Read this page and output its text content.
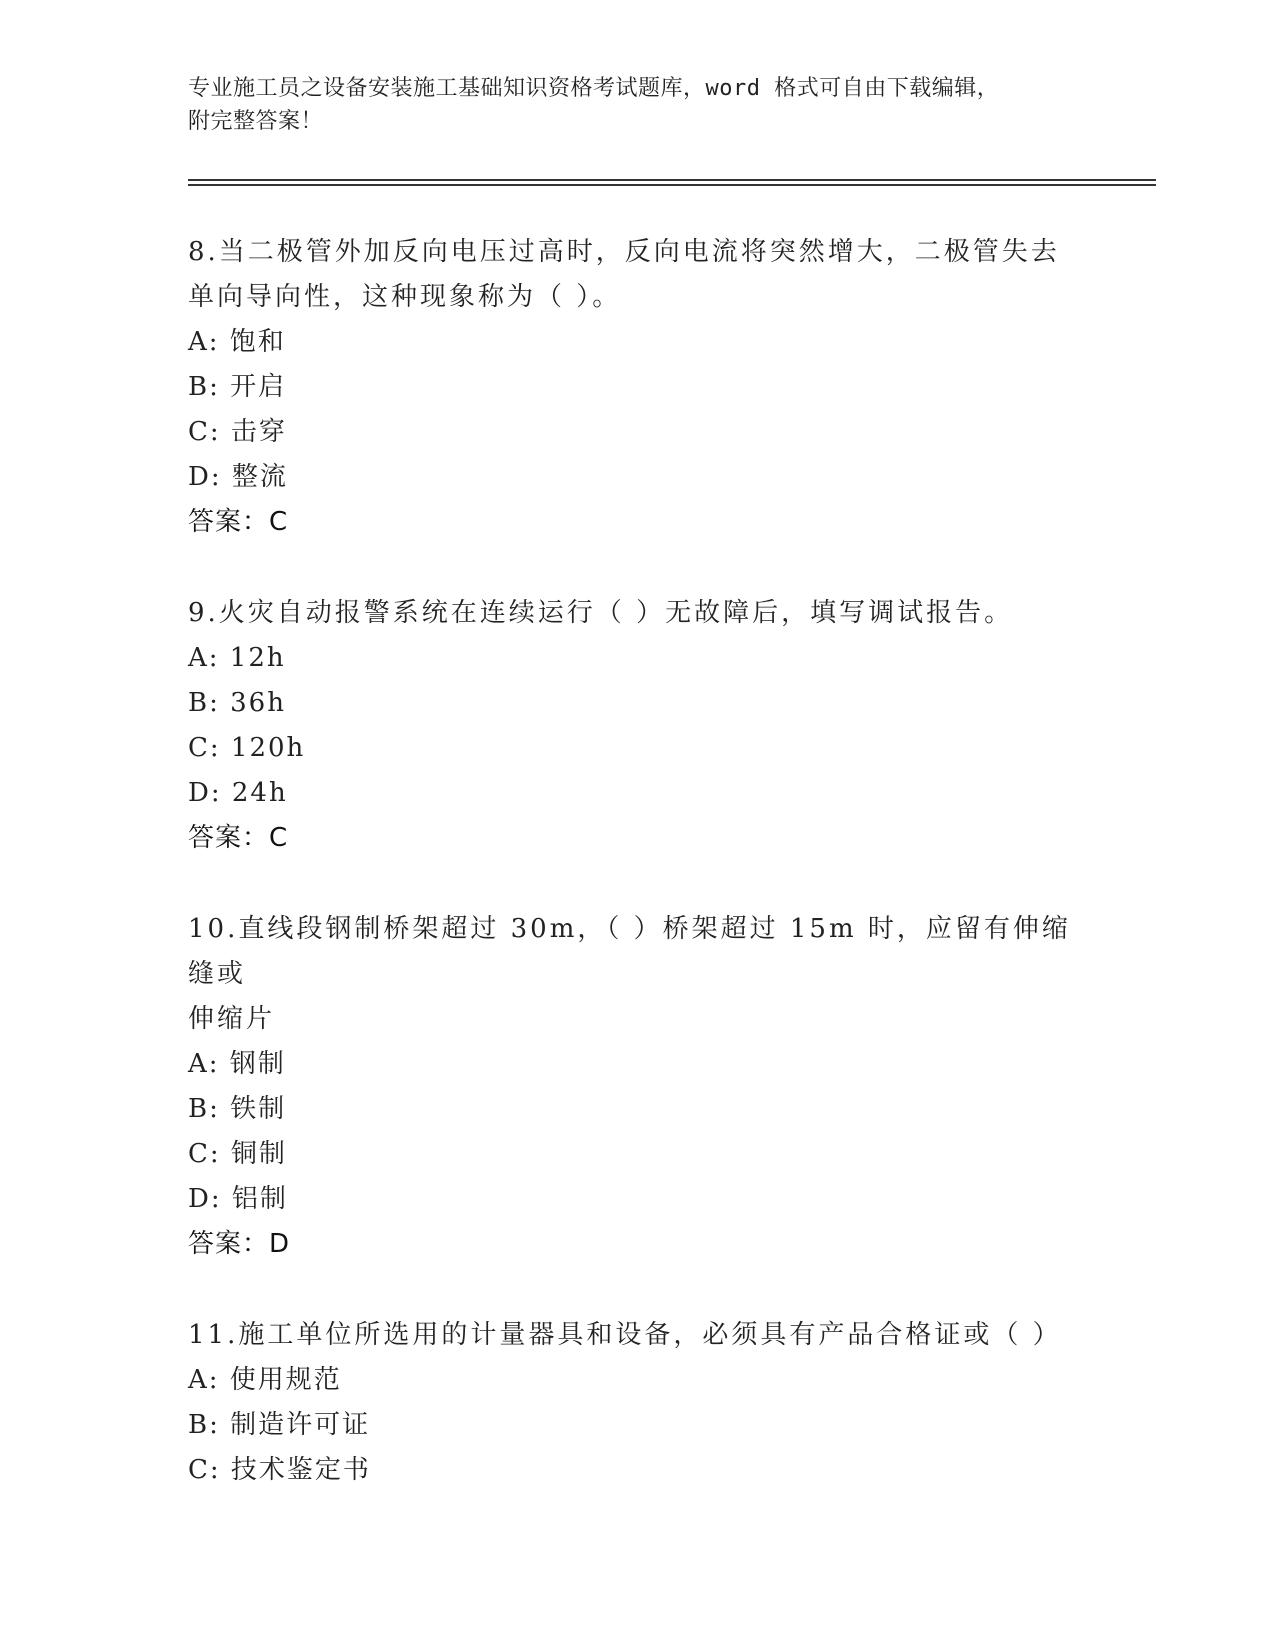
专业施工员之设备安装施工基础知识资格考试题库，word 格式可自由下载编辑，
附完整答案！
8.当二极管外加反向电压过高时，反向电流将突然增大，二极管失去
单向导向性，这种现象称为（ ）。
A: 饱和
B: 开启
C: 击穿
D: 整流
答案：C
9.火灾自动报警系统在连续运行（ ）无故障后，填写调试报告。
A: 12h
B: 36h
C: 120h
D: 24h
答案：C
10.直线段钢制桥架超过 30m，（ ）桥架超过 15m 时，应留有伸缩缝或
伸缩片
A: 钢制
B: 铁制
C: 铜制
D: 铝制
答案：D
11.施工单位所选用的计量器具和设备，必须具有产品合格证或（ ）
A: 使用规范
B: 制造许可证
C: 技术鉴定书
